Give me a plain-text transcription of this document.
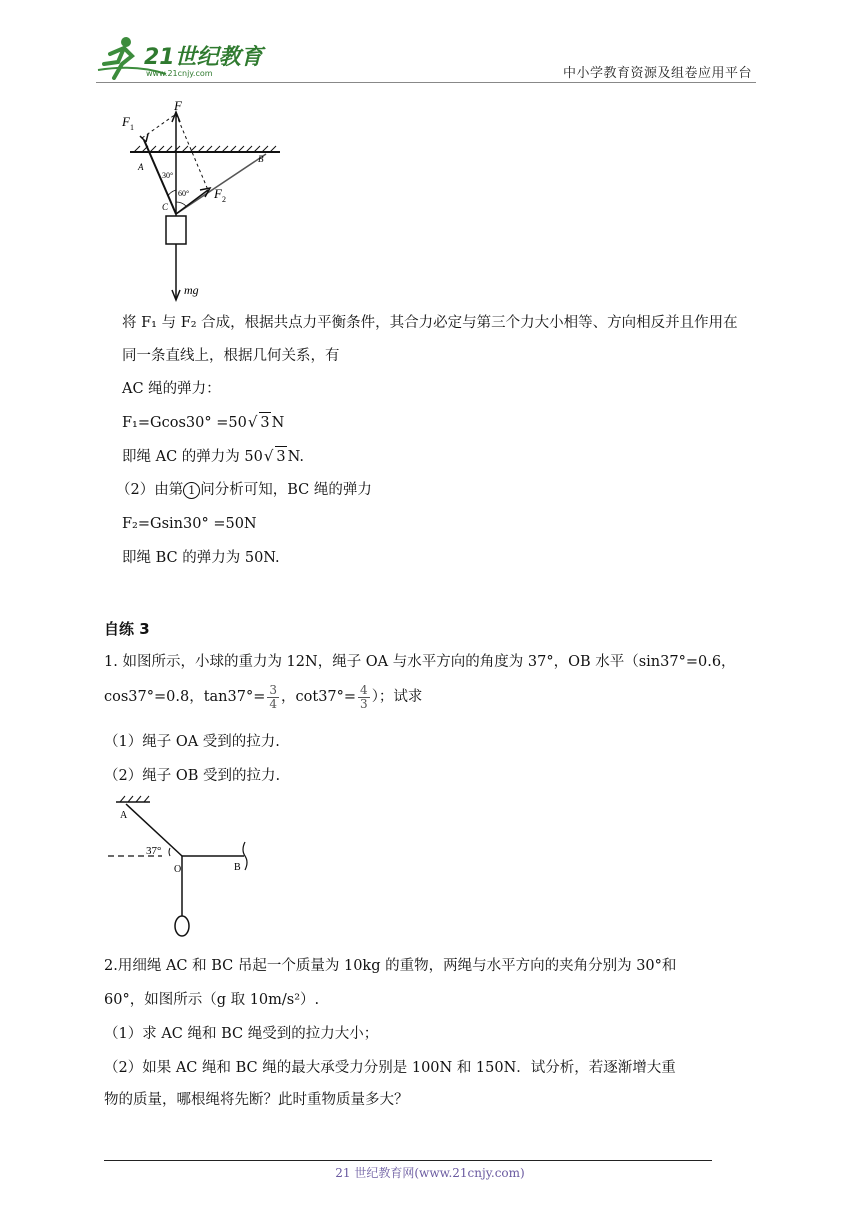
21世纪教育
www.21cnjy.com	中小学教育资源及组卷应用平台
F
F 1
A
B
C
30°
60° F 2
mg
将 F₁ 与 F₂ 合成，根据共点力平衡条件，其合力必定与第三个力大小相等、方向相反并且作用在
同一条直线上，根据几何关系，有
AC 绳的弹力：
F₁=Gcos30° =50√ 3 N
即绳 AC 的弹力为 50√ 3 N.
（2）由第 1 问分析可知，BC 绳的弹力
F₂=Gsin30° =50N
即绳 BC 的弹力为 50N.
自练 3
1. 如图所示，小球的重力为 12N，绳子 OA 与水平方向的角度为 37°，OB 水平（sin37°=0.6，
cos37°=0.8，$\tan 37^\circ= \frac{3}{4}$ ，$\cot 37^\circ= \frac{4}{3}$ ）；试求
（1）绳子 OA 受到的拉力.
（2）绳子 OB 受到的拉力.
A
37°
O	B
2.用细绳 AC 和 BC 吊起一个质量为 10kg 的重物，两绳与水平方向的夹角分别为 30°和
60°，如图所示（g 取 10m/s²）.
（1）求 AC 绳和 BC 绳受到的拉力大小；
（2）如果 AC 绳和 BC 绳的最大承受力分别是 100N 和 150N．试分析，若逐渐增大重
物的质量，哪根绳将先断？此时重物质量多大？
21 世纪教育网(www.21cnjy.com)
